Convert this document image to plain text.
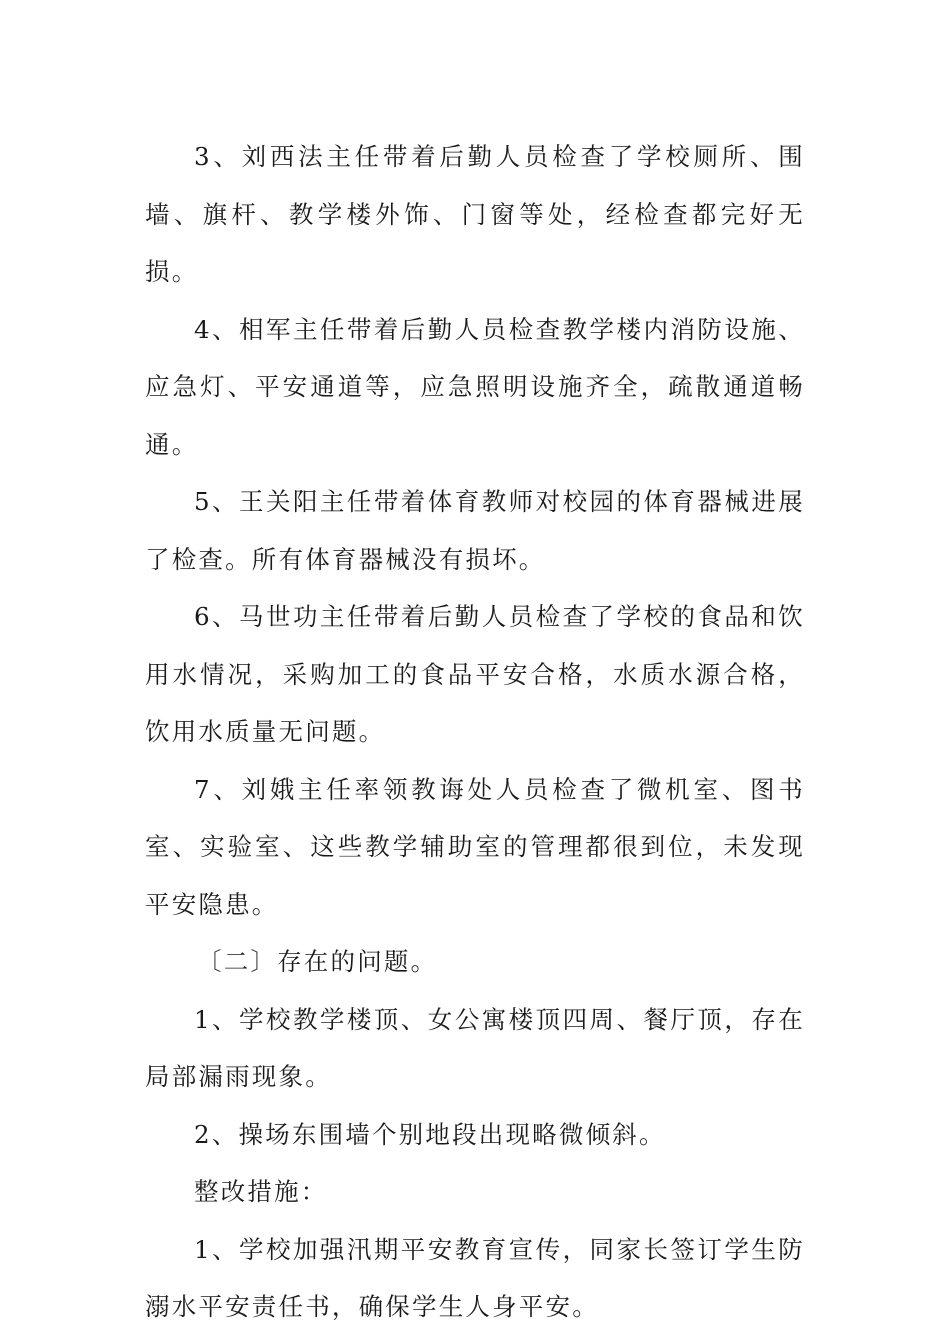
3、刘西法主任带着后勤人员检查了学校厕所、围墙、旗杆、教学楼外饰、门窗等处，经检查都完好无损。

4、相军主任带着后勤人员检查教学楼内消防设施、应急灯、平安通道等，应急照明设施齐全，疏散通道畅通。

5、王关阳主任带着体育教师对校园的体育器械进展了检查。所有体育器械没有损坏。

6、马世功主任带着后勤人员检查了学校的食品和饮用水情况，采购加工的食品平安合格，水质水源合格，饮用水质量无问题。

7、刘娥主任率领教诲处人员检查了微机室、图书室、实验室、这些教学辅助室的管理都很到位，未发现平安隐患。

〔二〕存在的问题。

1、学校教学楼顶、女公寓楼顶四周、餐厅顶，存在局部漏雨现象。

2、操场东围墙个别地段出现略微倾斜。

整改措施：

1、学校加强汛期平安教育宣传，同家长签订学生防溺水平安责任书，确保学生人身平安。
